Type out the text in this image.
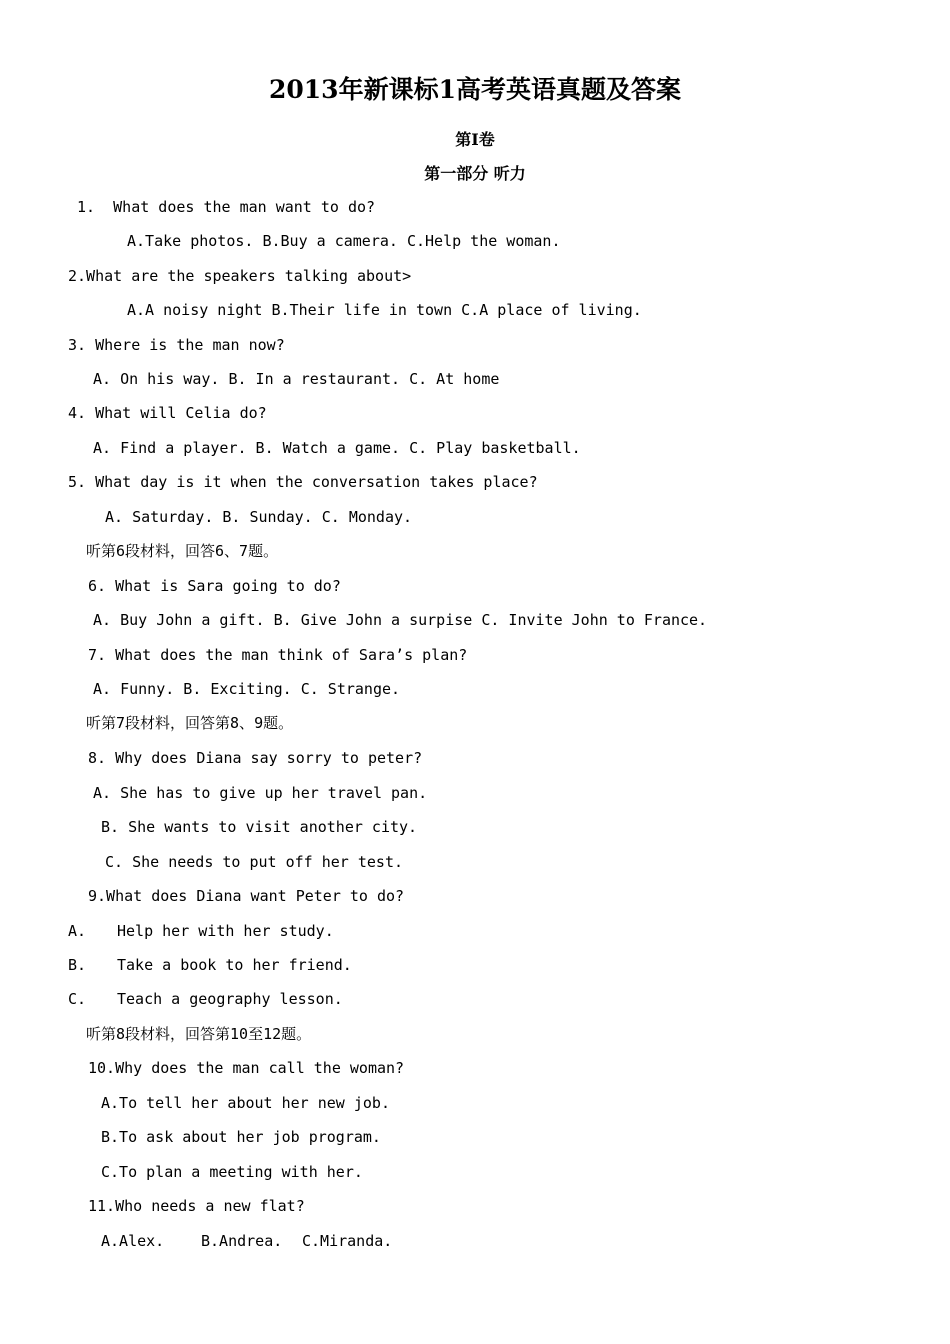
2013年新课标1高考英语真题及答案
第I卷
第一部分 听力
1.  What does the man want to do?
A.Take photos. B.Buy a camera. C.Help the woman.
2.What are the speakers talking about>
A.A noisy night B.Their life in town C.A place of living.
3. Where is the man now?
A. On his way. B. In a restaurant. C. At home
4. What will Celia do?
A. Find a player. B. Watch a game. C. Play basketball.
5. What day is it when the conversation takes place?
A. Saturday. B. Sunday. C. Monday.
听第6段材料，回答6、7题。
6. What is Sara going to do?
A. Buy John a gift. B. Give John a surpise C. Invite John to France.
7. What does the man think of Sara’s plan?
A. Funny. B. Exciting. C. Strange.
听第7段材料，回答第8、9题。
8. Why does Diana say sorry to peter?
A. She has to give up her travel pan.
B. She wants to visit another city.
C. She needs to put off her test.
9.What does Diana want Peter to do?
A. Help her with her study.
B. Take a book to her friend.
C. Teach a geography lesson.
听第8段材料，回答第10至12题。
10.Why does the man call the woman?
A.To tell her about her new job.
B.To ask about her job program.
C.To plan a meeting with her.
11.Who needs a new flat?
A.Alex. B.Andrea. C.Miranda.
